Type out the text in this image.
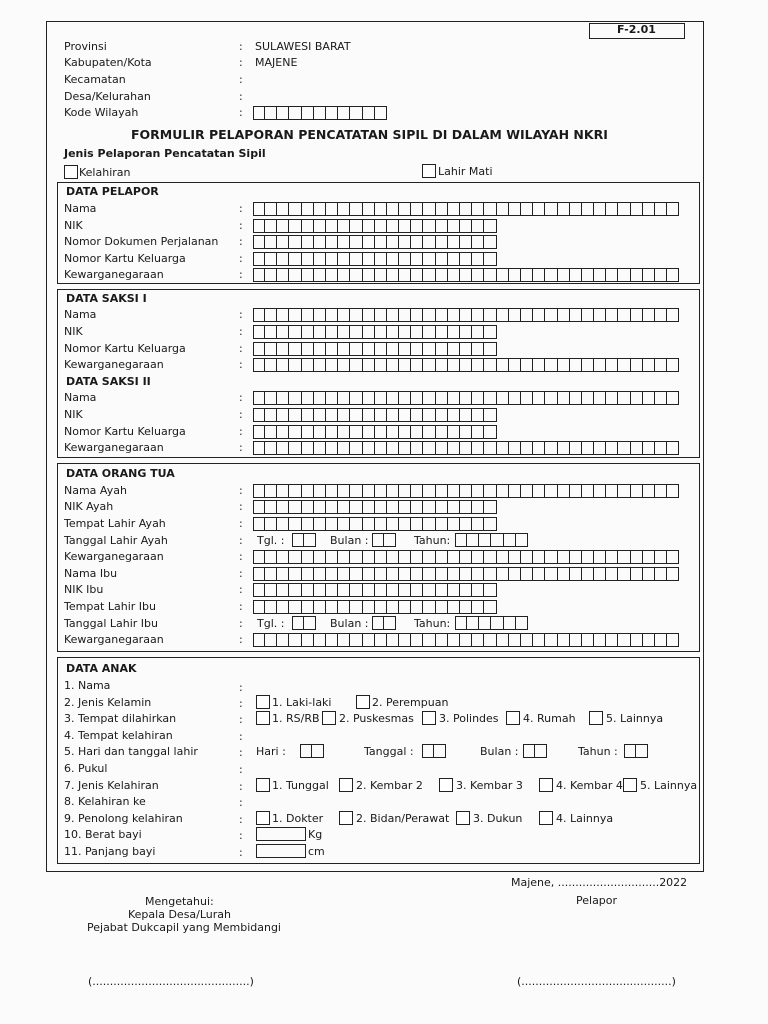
F-2.01
Provinsi	: SULAWESI BARAT
Kabupaten/Kota	: MAJENE
Kecamatan	:
Desa/Kelurahan	:
Kode Wilayah	:
FORMULIR PELAPORAN PENCATATAN SIPIL DI DALAM WILAYAH NKRI
Jenis Pelaporan Pencatatan Sipil
Kelahiran	Lahir Mati
DATA PELAPOR
Nama	:
NIK	:
Nomor Dokumen Perjalanan :
Nomor Kartu Keluarga	:
Kewarganegaraan	:
DATA SAKSI I
Nama	:
NIK	:
Nomor Kartu Keluarga	:
Kewarganegaraan	:
DATA SAKSI II
Nama	:
NIK	:
Nomor Kartu Keluarga	:
Kewarganegaraan	:
DATA ORANG TUA
Nama Ayah	:
NIK Ayah	:
Tempat Lahir Ayah	:
Tanggal Lahir Ayah	: Tgl. :	Bulan :	Tahun:
Kewarganegaraan	:
Nama Ibu	:
NIK Ibu	:
Tempat Lahir Ibu	:
Tanggal Lahir Ibu	: Tgl. :	Bulan :	Tahun:
Kewarganegaraan	:
DATA ANAK
1. Nama	:
2. Jenis Kelamin	:	1. Laki-laki	2. Perempuan
3. Tempat dilahirkan	:	1. RS/RB 2. Puskesmas 3. Polindes 4. Rumah	5. Lainnya
4. Tempat kelahiran	:
5. Hari dan tanggal lahir	: Hari :	Tanggal :	Bulan :	Tahun :
6. Pukul	:
7. Jenis Kelahiran	:	1. Tunggal 2. Kembar 2	3. Kembar 3	4. Kembar 4 5. Lainnya
8. Kelahiran ke	:
9. Penolong kelahiran	:	1. Dokter	2. Bidan/Perawat 3. Dukun	4. Lainnya
10. Berat bayi	:	Kg
11. Panjang bayi	:	cm
Majene, .............................2022
Mengetahui:	Pelapor
Kepala Desa/Lurah
Pejabat Dukcapil yang Membidangi
(.............................................)	(...........................................)
